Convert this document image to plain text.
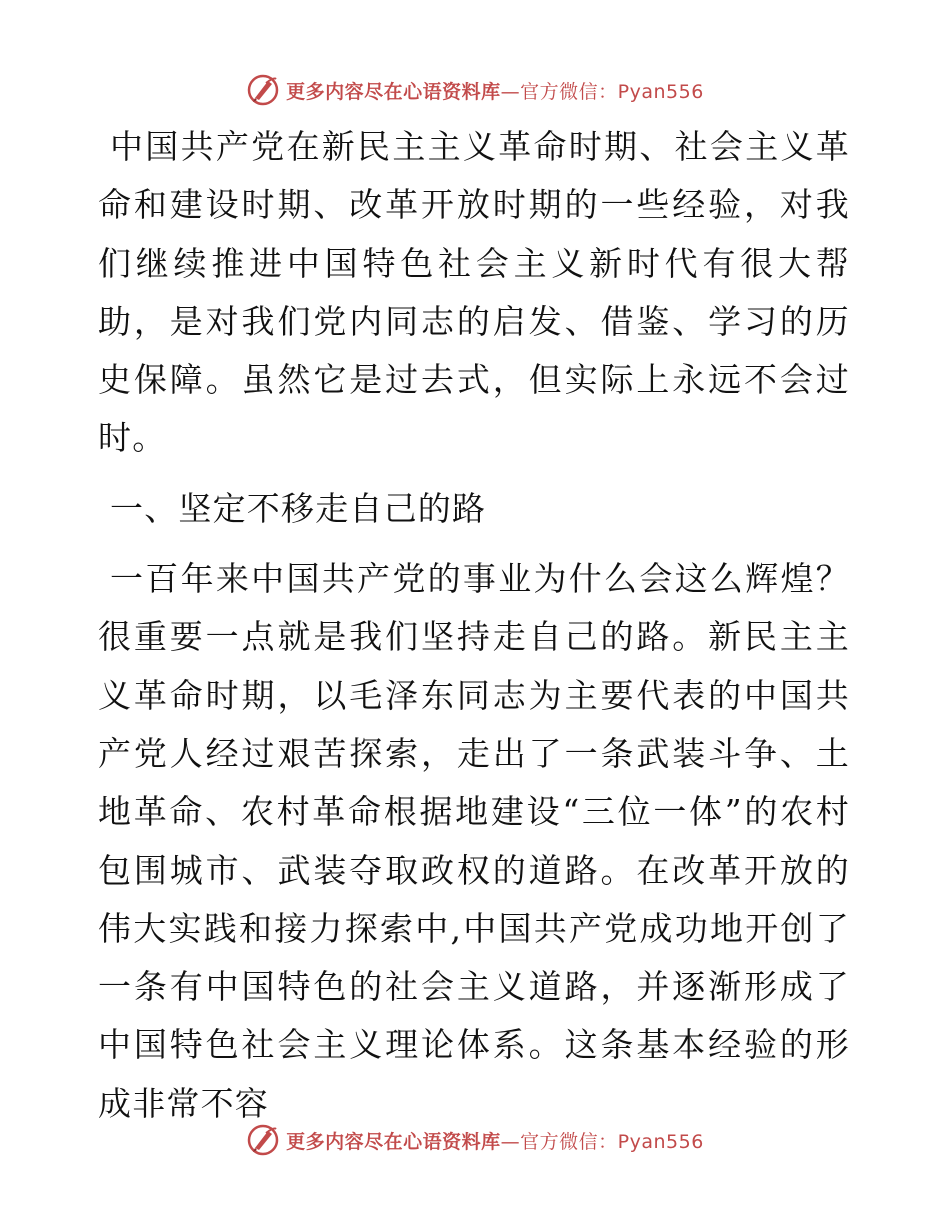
更多内容尽在心语资料库—官方微信：Pyan556

中国共产党在新民主主义革命时期、社会主义革命和建设时期、改革开放时期的一些经验，对我们继续推进中国特色社会主义新时代有很大帮助，是对我们党内同志的启发、借鉴、学习的历史保障。虽然它是过去式，但实际上永远不会过时。

一、坚定不移走自己的路

一百年来中国共产党的事业为什么会这么辉煌？很重要一点就是我们坚持走自己的路。新民主主义革命时期，以毛泽东同志为主要代表的中国共产党人经过艰苦探索，走出了一条武装斗争、土地革命、农村革命根据地建设“三位一体”的农村包围城市、武装夺取政权的道路。在改革开放的伟大实践和接力探索中,中国共产党成功地开创了一条有中国特色的社会主义道路，并逐渐形成了中国特色社会主义理论体系。这条基本经验的形成非常不容

更多内容尽在心语资料库—官方微信：Pyan556
